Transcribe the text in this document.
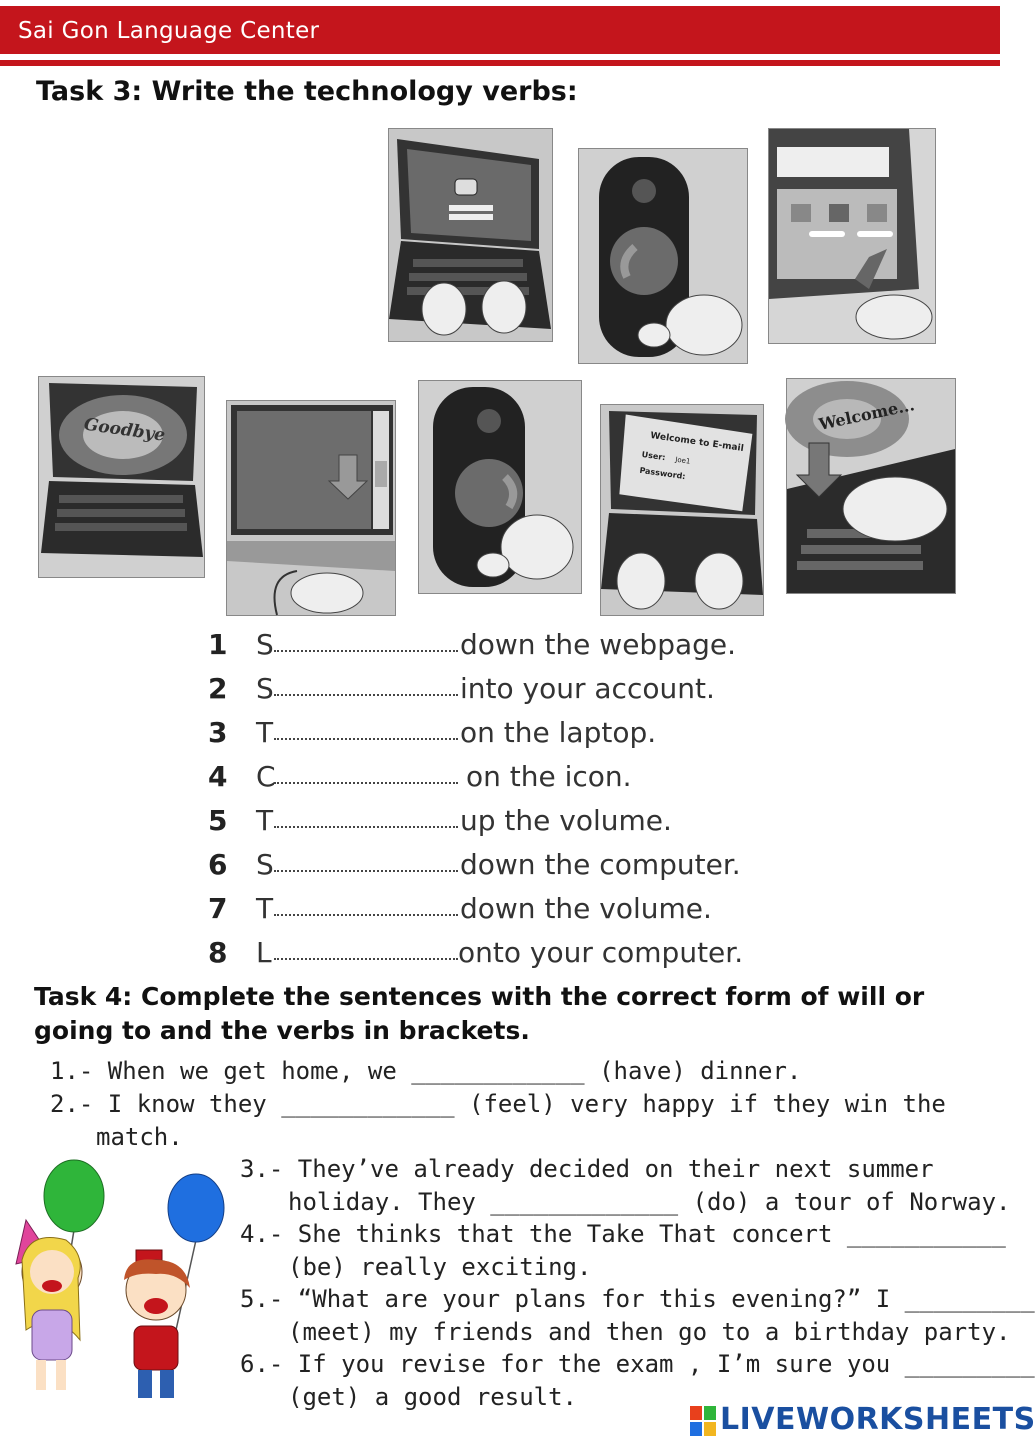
Sai Gon Language Center
Task 3: Write the technology verbs:
Goodbye	Welcome to E-mail
User: Joe1
Password:
Welcome...
1	S	down the webpage.
2	S	into your account.
3	T	on the laptop.
4	C	on the icon.
5	T	up the volume.
6	S	down the computer.
7	T	down the volume.
8	L	onto your computer.
Task 4: Complete the sentences with the correct form of will or going to and the verbs in brackets.
1.- When we get home, we ____________ (have) dinner.
2.- I know they ____________ (feel) very happy if they win the
match.
3.- They’ve already decided on their next summer
holiday. They _____________ (do) a tour of Norway.
4.- She thinks that the Take That concert ___________
(be) really exciting.
5.- “What are your plans for this evening?” I _________
(meet) my friends and then go to a birthday party.
6.- If you revise for the exam , I’m sure you _________
(get) a good result.
LIVEWORKSHEETS
